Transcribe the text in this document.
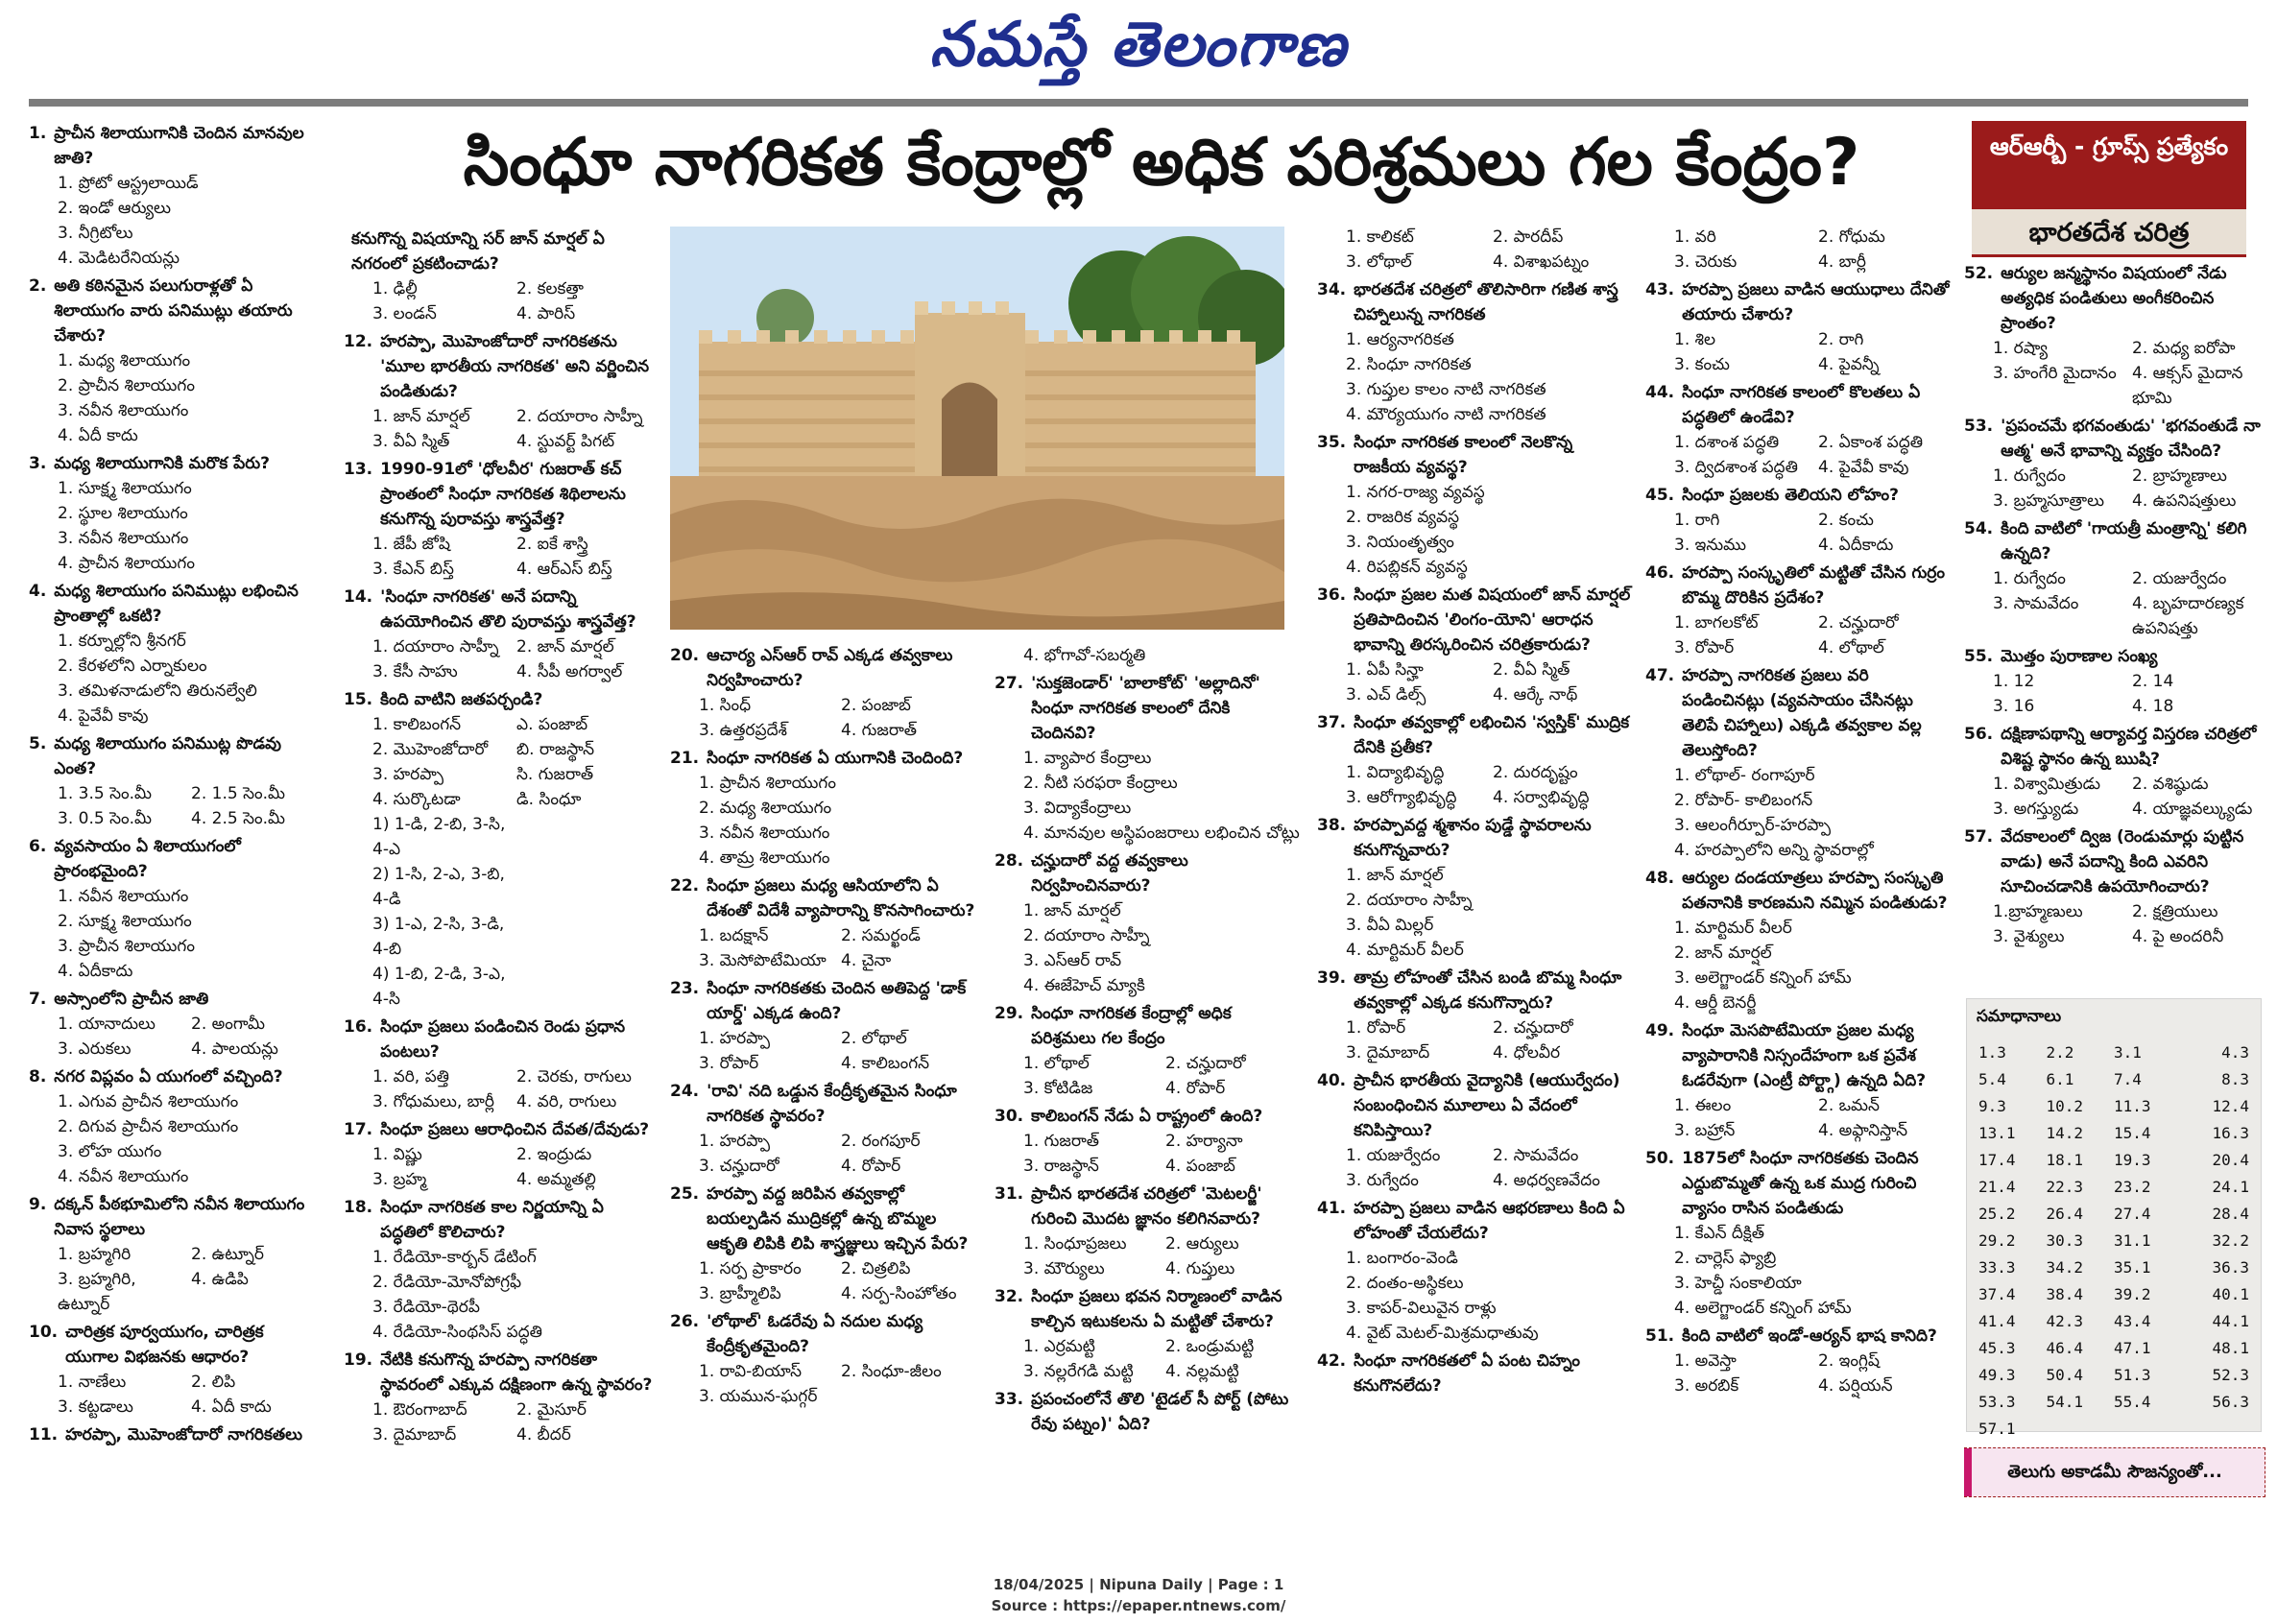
నమస్తే తెలంగాణ
సింధూ నాగరికత కేంద్రాల్లో అధిక పరిశ్రమలు గల కేంద్రం?	ఆర్ఆర్బీ - గ్రూప్స్ ప్రత్యేకం
భారతదేశ చరిత్ర
1. ప్రాచీన శిలాయుగానికి చెందిన మానవుల జాతి?
1. ప్రోటో ఆస్ట్రలాయిడ్
2. ఇండో ఆర్యులు
3. నీగ్రిటోలు
4. మెడిటరేనియన్లు
2. అతి కఠినమైన పలుగురాళ్లతో ఏ శిలాయుగం వారు పనిముట్లు తయారు చేశారు?
1. మధ్య శిలాయుగం
2. ప్రాచీన శిలాయుగం
3. నవీన శిలాయుగం
4. ఏదీ కాదు
3. మధ్య శిలాయుగానికి మరొక పేరు?
1. సూక్ష్మ శిలాయుగం
2. స్థూల శిలాయుగం
3. నవీన శిలాయుగం
4. ప్రాచీన శిలాయుగం
4. మధ్య శిలాయుగం పనిముట్లు లభించిన ప్రాంతాల్లో ఒకటి?
1. కర్నూల్లోని శ్రీనగర్
2. కేరళలోని ఎర్నాకులం
3. తమిళనాడులోని తిరునల్వేలి
4. పైవేవీ కావు
5. మధ్య శిలాయుగం పనిముట్ల పొడవు ఎంత?
1. 3.5 సెం.మీ	2. 1.5 సెం.మీ
3. 0.5 సెం.మీ	4. 2.5 సెం.మీ
6. వ్యవసాయం ఏ శిలాయుగంలో ప్రారంభమైంది?
1. నవీన శిలాయుగం
2. సూక్ష్మ శిలాయుగం
3. ప్రాచీన శిలాయుగం
4. ఏదీకాదు
7. అస్సాంలోని ప్రాచీన జాతి
1. యానాదులు	2. అంగామీ
3. ఎరుకలు	4. పాలయన్లు
8. నగర విప్లవం ఏ యుగంలో వచ్చింది?
1. ఎగువ ప్రాచీన శిలాయుగం
2. దిగువ ప్రాచీన శిలాయుగం
3. లోహ యుగం
4. నవీన శిలాయుగం
9. దక్కన్ పీఠభూమిలోని నవీన శిలాయుగం నివాస స్థలాలు
1. బ్రహ్మగిరి	2. ఉట్నూర్
3. బ్రహ్మగిరి, ఉట్నూర్
4. ఉడిపి
10. చారిత్రక పూర్వయుగం, చారిత్రక యుగాల విభజనకు ఆధారం?
1. నాణేలు	2. లిపి
3. కట్టడాలు	4. ఏదీ కాదు
11. హరప్పా, మొహెంజోదారో నాగరికతలు
కనుగొన్న విషయాన్ని సర్ జాన్ మార్షల్ ఏ నగరంలో ప్రకటించాడు?
1. ఢిల్లీ	2. కలకత్తా
3. లండన్	4. పారిస్
12. హరప్పా, మొహెంజోదారో నాగరికతను 'మూల భారతీయ నాగరికత' అని వర్ణించిన పండితుడు?
1. జాన్ మార్షల్	2. దయారాం సాహ్నీ
3. వీఏ స్మిత్	4. స్టువర్ట్ పిగట్
13. 1990-91లో 'ధోలవీర' గుజరాత్ కచ్ ప్రాంతంలో సింధూ నాగరికత శిథిలాలను కనుగొన్న పురావస్తు శాస్త్రవేత్త?
1. జేపీ జోషి	2. ఐకే శాస్త్రి
3. కేఎన్ బిస్త్	4. ఆర్ఎస్ బిస్త్
14. 'సింధూ నాగరికత' అనే పదాన్ని ఉపయోగించిన తొలి పురావస్తు శాస్త్రవేత్త?
1. దయారాం సాహ్నీ	2. జాన్ మార్షల్
3. కేసీ సాహు	4. సీపీ అగర్వాల్
15. కింది వాటిని జతపర్చండి?
1. కాలిబంగన్	ఎ. పంజాబ్
2. మొహెంజోదారో	బి. రాజస్థాన్
3. హరప్పా	సి. గుజరాత్
4. సుర్కొటడా	డి. సింధూ
1) 1-డి, 2-బి, 3-సి, 4-ఎ
2) 1-సి, 2-ఎ, 3-బి, 4-డి
3) 1-ఎ, 2-సి, 3-డి, 4-బి
4) 1-బి, 2-డి, 3-ఎ, 4-సి
16. సింధూ ప్రజలు పండించిన రెండు ప్రధాన పంటలు?
1. వరి, పత్తి	2. చెరకు, రాగులు
3. గోధుమలు, బార్లీ	4. వరి, రాగులు
17. సింధూ ప్రజలు ఆరాధించిన దేవత/దేవుడు?
1. విష్ణు	2. ఇంద్రుడు
3. బ్రహ్మ	4. అమ్మతల్లి
18. సింధూ నాగరికత కాల నిర్ణయాన్ని ఏ పద్ధతిలో కొలిచారు?
1. రేడియో-కార్బన్ డేటింగ్
2. రేడియో-మోనోపోగ్రఫీ
3. రేడియో-థెరపీ
4. రేడియో-సింథసిస్ పద్ధతి
19. నేటికి కనుగొన్న హరప్పా నాగరికతా స్థావరంలో ఎక్కువ దక్షిణంగా ఉన్న స్థావరం?
1. ఔరంగాబాద్	2. మైసూర్
3. దైమాబాద్	4. బీదర్
20. ఆచార్య ఎస్ఆర్ రావ్ ఎక్కడ తవ్వకాలు నిర్వహించారు?
1. సింధ్	2. పంజాబ్
3. ఉత్తరప్రదేశ్	4. గుజరాత్
21. సింధూ నాగరికత ఏ యుగానికి చెందింది?
1. ప్రాచీన శిలాయుగం
2. మధ్య శిలాయుగం
3. నవీన శిలాయుగం
4. తామ్ర శిలాయుగం
22. సింధూ ప్రజలు మధ్య ఆసియాలోని ఏ దేశంతో విదేశీ వ్యాపారాన్ని కొనసాగించారు?
1. బదక్షాన్	2. సమర్ఖండ్
3. మెసోపొటేమియా 4. చైనా
23. సింధూ నాగరికతకు చెందిన అతిపెద్ద 'డాక్ యార్డ్' ఎక్కడ ఉంది?
1. హరప్పా	2. లోథాల్
3. రోపార్	4. కాలిబంగన్
24. 'రావి' నది ఒడ్డున కేంద్రీకృతమైన సింధూ నాగరికత స్థావరం?
1. హరప్పా	2. రంగపూర్
3. చన్హుదారో	4. రోపార్
25. హరప్పా వద్ద జరిపిన తవ్వకాల్లో బయల్పడిన ముద్రికల్లో ఉన్న బొమ్మల ఆకృతి లిపికి లిపి శాస్త్రజ్ఞులు ఇచ్చిన పేరు?
1. సర్ప ప్రాకారం	2. చిత్రలిపి
3. బ్రాహ్మీలిపి	4. సర్ప-సింహోతం
26. 'లోథాల్' ఓడరేవు ఏ నదుల మధ్య కేంద్రీకృతమైంది?
1. రావి-బియాస్	2. సింధూ-జీలం
3. యమున-ఘగ్గర్
4. భోగావో-సబర్మతి
27. 'సుక్తజెండార్' 'బాలాకోట్' 'అల్లాదినో' సింధూ నాగరికత కాలంలో దేనికి చెందినవి?
1. వ్యాపార కేంద్రాలు
2. నీటి సరఫరా కేంద్రాలు
3. విద్యాకేంద్రాలు
4. మానవుల అస్థిపంజరాలు లభించిన చోట్లు
28. చన్హుదారో వద్ద తవ్వకాలు నిర్వహించినవారు?
1. జాన్ మార్షల్
2. దయారాం సాహ్నీ
3. ఎస్ఆర్ రావ్
4. ఈజేహెచ్ మ్యాకి
29. సింధూ నాగరికత కేంద్రాల్లో అధిక పరిశ్రమలు గల కేంద్రం
1. లోథాల్	2. చన్హుదారో
3. కోటిడిజ	4. రోపార్
30. కాలిబంగన్ నేడు ఏ రాష్ట్రంలో ఉంది?
1. గుజరాత్	2. హర్యానా
3. రాజస్థాన్	4. పంజాబ్
31. ప్రాచీన భారతదేశ చరిత్రలో 'మెటలర్జీ' గురించి మొదట జ్ఞానం కలిగినవారు?
1. సింధూప్రజలు	2. ఆర్యులు
3. మౌర్యులు	4. గుప్తులు
32. సింధూ ప్రజలు భవన నిర్మాణంలో వాడిన కాల్చిన ఇటుకలను ఏ మట్టితో చేశారు?
1. ఎర్రమట్టి	2. ఒండ్రుమట్టి
3. నల్లరేగడి మట్టి	4. నల్లమట్టి
33. ప్రపంచంలోనే తొలి 'టైడల్ సీ పోర్ట్ (పోటు రేవు పట్నం)' ఏది?
1. కాలికట్	2. పారదీప్
3. లోథాల్	4. విశాఖపట్నం
34. భారతదేశ చరిత్రలో తొలిసారిగా గణిత శాస్త్ర చిహ్నాలున్న నాగరికత
1. ఆర్యనాగరికత
2. సింధూ నాగరికత
3. గుప్తుల కాలం నాటి నాగరికత
4. మౌర్యయుగం నాటి నాగరికత
35. సింధూ నాగరికత కాలంలో నెలకొన్న రాజకీయ వ్యవస్థ?
1. నగర-రాజ్య వ్యవస్థ
2. రాజరిక వ్యవస్థ
3. నియంతృత్వం
4. రిపబ్లికన్ వ్యవస్థ
36. సింధూ ప్రజల మత విషయంలో జాన్ మార్షల్ ప్రతిపాదించిన 'లింగం-యోని' ఆరాధన భావాన్ని తిరస్కరించిన చరిత్రకారుడు?
1. ఏపీ సిన్హా	2. వీఏ స్మిత్
3. ఎచ్ డిల్స్	4. ఆర్కే నాథ్
37. సింధూ తవ్వకాల్లో లభించిన 'స్వస్తిక్' ముద్రిక దేనికి ప్రతీక?
1. విద్యాభివృద్ధి	2. దురదృష్టం
3. ఆరోగ్యాభివృద్ధి	4. సర్వాభివృద్ధి
38. హరప్పావద్ద శ్మశానం పుడ్డే స్థావరాలను కనుగొన్నవారు?
1. జాన్ మార్షల్
2. దయారాం సాహ్నీ
3. వీఏ మిల్లర్
4. మార్టిమర్ వీలర్
39. తామ్ర లోహంతో చేసిన బండి బొమ్మ సింధూ తవ్వకాల్లో ఎక్కడ కనుగొన్నారు?
1. రోపార్	2. చన్హుదారో
3. దైమాబాద్	4. ధోలవీర
40. ప్రాచీన భారతీయ వైద్యానికి (ఆయుర్వేదం) సంబంధించిన మూలాలు ఏ వేదంలో కనిపిస్తాయి?
1. యజుర్వేదం	2. సామవేదం
3. రుగ్వేదం	4. అధర్వణవేదం
41. హరప్పా ప్రజలు వాడిన ఆభరణాలు కింది ఏ లోహంతో చేయలేదు?
1. బంగారం-వెండి
2. దంతం-అస్థికలు
3. కాపర్-విలువైన రాళ్లు
4. వైట్ మెటల్-మిశ్రమధాతువు
42. సింధూ నాగరికతలో ఏ పంట చిహ్నం కనుగొనలేదు?
1. వరి	2. గోధుమ
3. చెరుకు	4. బార్లీ
43. హరప్పా ప్రజలు వాడిన ఆయుధాలు దేనితో తయారు చేశారు?
1. శిల	2. రాగి
3. కంచు	4. పైవన్నీ
44. సింధూ నాగరికత కాలంలో కొలతలు ఏ పద్ధతిలో ఉండేవి?
1. దశాంశ పద్ధతి	2. ఏకాంశ పద్ధతి
3. ద్విదశాంశ పద్ధతి	4. పైవేవీ కావు
45. సింధూ ప్రజలకు తెలియని లోహం?
1. రాగి	2. కంచు
3. ఇనుము	4. ఏదీకాదు
46. హరప్పా సంస్కృతిలో మట్టితో చేసిన గుర్రం బొమ్మ దొరికిన ప్రదేశం?
1. బాగలకోట్	2. చన్హుదారో
3. రోపార్	4. లోథాల్
47. హరప్పా నాగరికత ప్రజలు వరి పండించినట్లు (వ్యవసాయం చేసినట్లు తెలిపే చిహ్నాలు) ఎక్కడి తవ్వకాల వల్ల తెలుస్తోంది?
1. లోథాల్- రంగాపూర్
2. రోపార్- కాలిబంగన్
3. ఆలంగీర్పూర్-హరప్పా
4. హరప్పాలోని అన్ని స్థావరాల్లో
48. ఆర్యుల దండయాత్రలు హరప్పా సంస్కృతి పతనానికి కారణమని నమ్మిన పండితుడు?
1. మార్టిమర్ వీలర్
2. జాన్ మార్షల్
3. అలెగ్జాండర్ కన్నింగ్ హామ్
4. ఆర్డీ బెనర్జీ
49. సింధూ మెసపొటేమియా ప్రజల మధ్య వ్యాపారానికి నిస్సందేహంగా ఒక ప్రవేశ ఓడరేవుగా (ఎంట్రీ పోర్ట్గా) ఉన్నది ఏది?
1. ఈలం	2. ఒమన్
3. బహ్రాన్	4. అఫ్గానిస్తాన్
50. 1875లో సింధూ నాగరికతకు చెందిన ఎద్దుబొమ్మతో ఉన్న ఒక ముద్ర గురించి వ్యాసం రాసిన పండితుడు
1. కేఎన్ దీక్షిత్
2. చార్లెస్ ఫ్యాబ్రి
3. హెచ్డీ సంకాలియా
4. అలెగ్జాండర్ కన్నింగ్ హామ్
51. కింది వాటిలో ఇండో-ఆర్యన్ భాష కానిది?
1. అవెస్తా	2. ఇంగ్లిష్
3. అరబిక్	4. పర్షియన్
52. ఆర్యుల జన్మస్థానం విషయంలో నేడు అత్యధిక పండితులు అంగీకరించిన ప్రాంతం?
1. రష్యా	2. మధ్య ఐరోపా
3. హంగేరి మైదానం 4. ఆక్సస్ మైదాన భూమి
53. 'ప్రపంచమే భగవంతుడు' 'భగవంతుడే నా ఆత్మ' అనే భావాన్ని వ్యక్తం చేసింది?
1. రుగ్వేదం	2. బ్రాహ్మణాలు
3. బ్రహ్మసూత్రాలు	4. ఉపనిషత్తులు
54. కింది వాటిలో 'గాయత్రీ మంత్రాన్ని' కలిగి ఉన్నది?
1. రుగ్వేదం	2. యజుర్వేదం
3. సామవేదం	4. బృహదారణ్యక ఉపనిషత్తు
55. మొత్తం పురాణాల సంఖ్య
1. 12	2. 14
3. 16	4. 18
56. దక్షిణాపథాన్ని ఆర్యావర్త విస్తరణ చరిత్రలో విశిష్ట స్థానం ఉన్న ఋషి?
1. విశ్వామిత్రుడు	2. వశిష్ఠుడు
3. అగస్త్యుడు	4. యాజ్ఞవల్క్యుడు
57. వేదకాలంలో ద్విజ (రెండుమార్లు పుట్టిన వాడు) అనే పదాన్ని కింది ఎవరిని సూచించడానికి ఉపయోగించారు?
1.బ్రాహ్మణులు	2. క్షత్రియులు
3. వైశ్యులు	4. పై అందరినీ
సమాధానాలు
1.3	2.2	3.1	4.3
5.4	6.1	7.4	8.3
9.3	10.2	11.3	12.4
13.1	14.2	15.4	16.3
17.4	18.1	19.3	20.4
21.4	22.3	23.2	24.1
25.2	26.4	27.4	28.4
29.2	30.3	31.1	32.2
33.3	34.2	35.1	36.3
37.4	38.4	39.2	40.1
41.4	42.3	43.4	44.1
45.3	46.4	47.1	48.1
49.3	50.4	51.3	52.3
53.3	54.1	55.4	56.3
57.1
తెలుగు అకాడమీ సౌజన్యంతో...
18/04/2025 | Nipuna Daily | Page : 1
Source : https://epaper.ntnews.com/
